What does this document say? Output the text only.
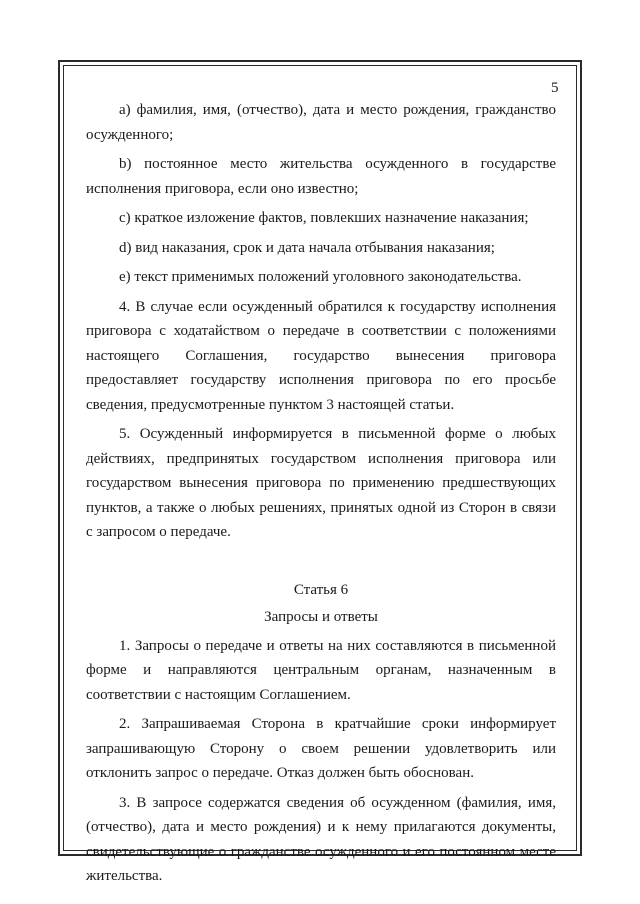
5

a) фамилия, имя, (отчество), дата и место рождения, гражданство осужденного;

b) постоянное место жительства осужденного в государстве исполнения приговора, если оно известно;

c) краткое изложение фактов, повлекших назначение наказания;

d) вид наказания, срок и дата начала отбывания наказания;

e) текст применимых положений уголовного законодательства.

4. В случае если осужденный обратился к государству исполнения приговора с ходатайством о передаче в соответствии с положениями настоящего Соглашения, государство вынесения приговора предоставляет государству исполнения приговора по его просьбе сведения, предусмотренные пунктом 3 настоящей статьи.

5. Осужденный информируется в письменной форме о любых действиях, предпринятых государством исполнения приговора или государством вынесения приговора по применению предшествующих пунктов, а также о любых решениях, принятых одной из Сторон в связи с запросом о передаче.

Статья 6
Запросы и ответы

1. Запросы о передаче и ответы на них составляются в письменной форме и направляются центральным органам, назначенным в соответствии с настоящим Соглашением.

2. Запрашиваемая Сторона в кратчайшие сроки информирует запрашивающую Сторону о своем решении удовлетворить или отклонить запрос о передаче. Отказ должен быть обоснован.

3. В запросе содержатся сведения об осужденном (фамилия, имя, (отчество), дата и место рождения) и к нему прилагаются документы, свидетельствующие о гражданстве осужденного и его постоянном месте жительства.
